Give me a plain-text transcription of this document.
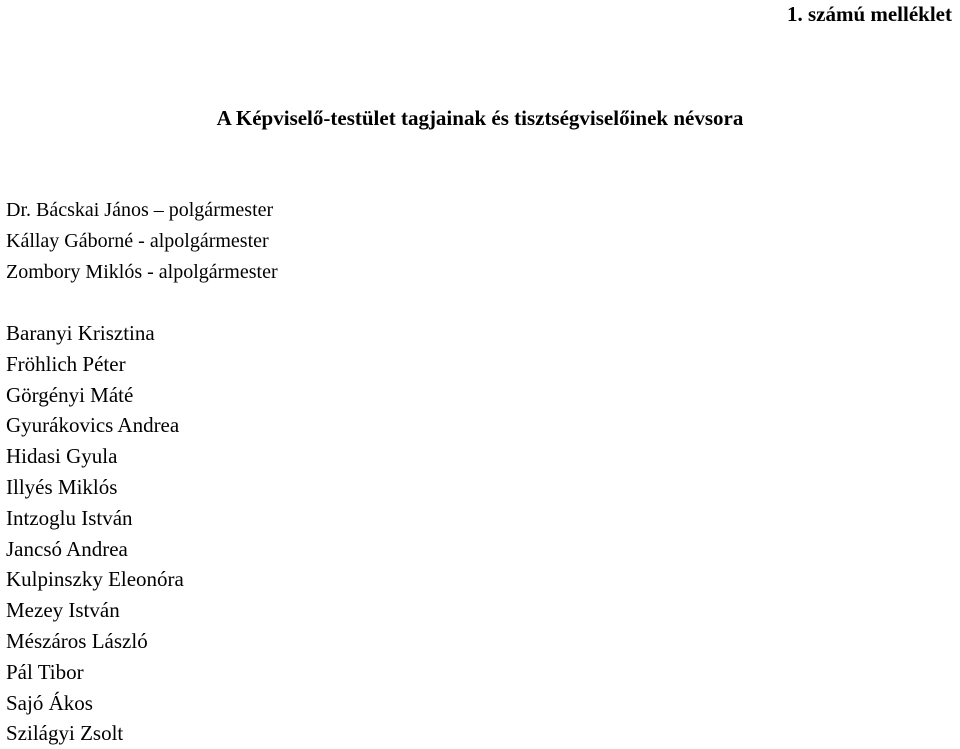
1. számú melléklet
A Képviselő-testület tagjainak és tisztségviselőinek névsora
Dr. Bácskai János – polgármester
Kállay Gáborné - alpolgármester
Zombory Miklós - alpolgármester
Baranyi Krisztina
Fröhlich Péter
Görgényi Máté
Gyurákovics Andrea
Hidasi Gyula
Illyés Miklós
Intzoglu István
Jancsó Andrea
Kulpinszky Eleonóra
Mezey István
Mészáros László
Pál Tibor
Sajó Ákos
Szilágyi Zsolt
